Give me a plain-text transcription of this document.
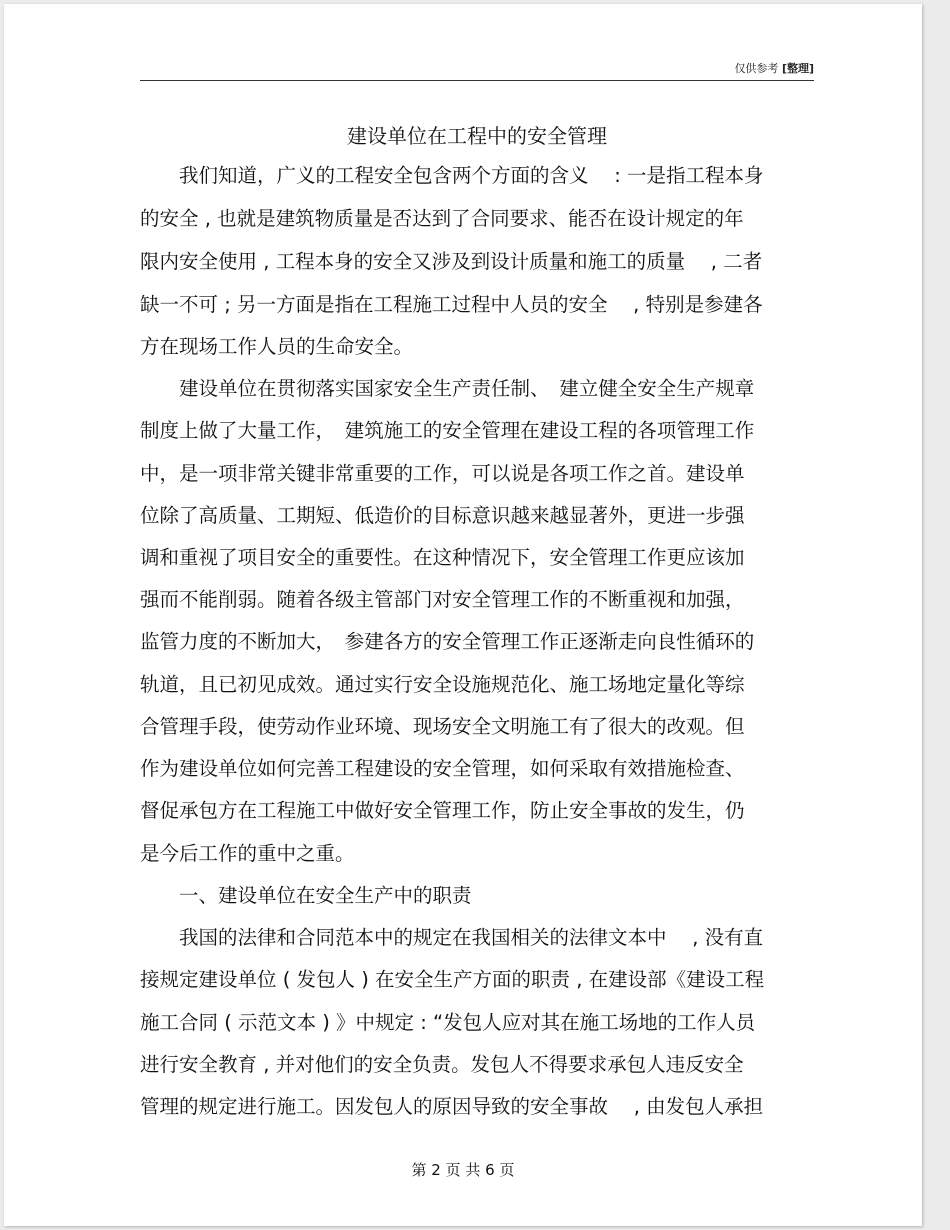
仅供参考 [整理]
建设单位在工程中的安全管理
　　我们知道，广义的工程安全包含两个方面的含义　 : 一是指工程本身
的安全 , 也就是建筑物质量是否达到了合同要求、能否在设计规定的年
限内安全使用 , 工程本身的安全又涉及到设计质量和施工的质量　 , 二者
缺一不可 ; 另一方面是指在工程施工过程中人员的安全　 , 特别是参建各
方在现场工作人员的生命安全。
　　建设单位在贯彻落实国家安全生产责任制、　建立健全安全生产规章
制度上做了大量工作，　建筑施工的安全管理在建设工程的各项管理工作
中，是一项非常关键非常重要的工作，可以说是各项工作之首。建设单
位除了高质量、工期短、低造价的目标意识越来越显著外，更进一步强
调和重视了项目安全的重要性。在这种情况下，安全管理工作更应该加
强而不能削弱。随着各级主管部门对安全管理工作的不断重视和加强，
监管力度的不断加大，　参建各方的安全管理工作正逐渐走向良性循环的
轨道，且已初见成效。通过实行安全设施规范化、施工场地定量化等综
合管理手段，使劳动作业环境、现场安全文明施工有了很大的改观。但
作为建设单位如何完善工程建设的安全管理，如何采取有效措施检查、
督促承包方在工程施工中做好安全管理工作，防止安全事故的发生，仍
是今后工作的重中之重。
　　一、建设单位在安全生产中的职责
　　我国的法律和合同范本中的规定在我国相关的法律文本中　 , 没有直
接规定建设单位 ( 发包人 ) 在安全生产方面的职责 , 在建设部《建设工程
施工合同 ( 示范文本 ) 》中规定 : “发包人应对其在施工场地的工作人员
进行安全教育 , 并对他们的安全负责。发包人不得要求承包人违反安全
管理的规定进行施工。因发包人的原因导致的安全事故　 , 由发包人承担
第 2 页 共 6 页
